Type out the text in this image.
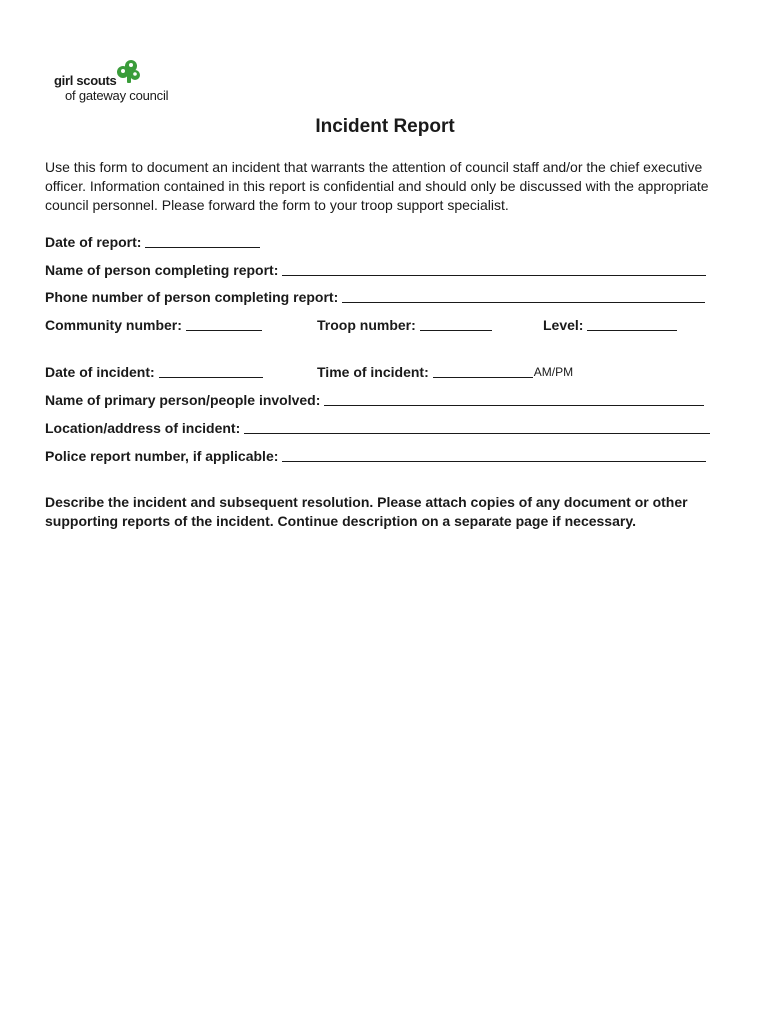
girl scouts
of gateway council
Incident Report
Use this form to document an incident that warrants the attention of council staff and/or the chief executive officer. Information contained in this report is confidential and should only be discussed with the appropriate council personnel. Please forward the form to your troop support specialist.
Date of report:
Name of person completing report:
Phone number of person completing report:
Community number:	Troop number:	Level:
Date of incident:	Time of incident:	AM/PM
Name of primary person/people involved:
Location/address of incident:
Police report number, if applicable:
Describe the incident and subsequent resolution. Please attach copies of any document or other supporting reports of the incident. Continue description on a separate page if necessary.
